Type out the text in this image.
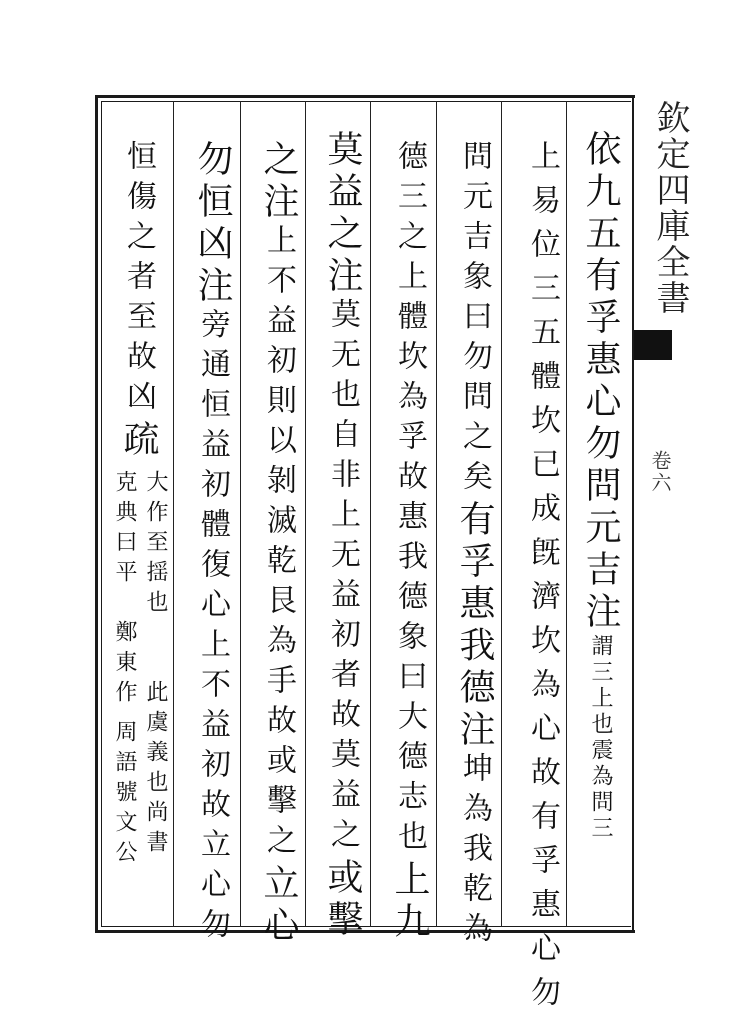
欽定四庫全書
卷六
依九五有孚惠心勿問元吉注謂三上也震為問三
上易位三五體坎已成旣濟坎為心故有孚惠心勿
問元吉象曰勿問之矣有孚惠我德注坤為我乾為
德三之上體坎為孚故惠我德象曰大德志也上九
莫益之注莫无也自非上无益初者故莫益之或擊
之注上不益初則以剝滅乾艮為手故或擊之立心
勿恒凶注旁通恒益初體復心上不益初故立心勿
恒傷之者至故凶疏
大作至揺也
克典曰平
鄭東作
此虞義也尚書
周語號文公
